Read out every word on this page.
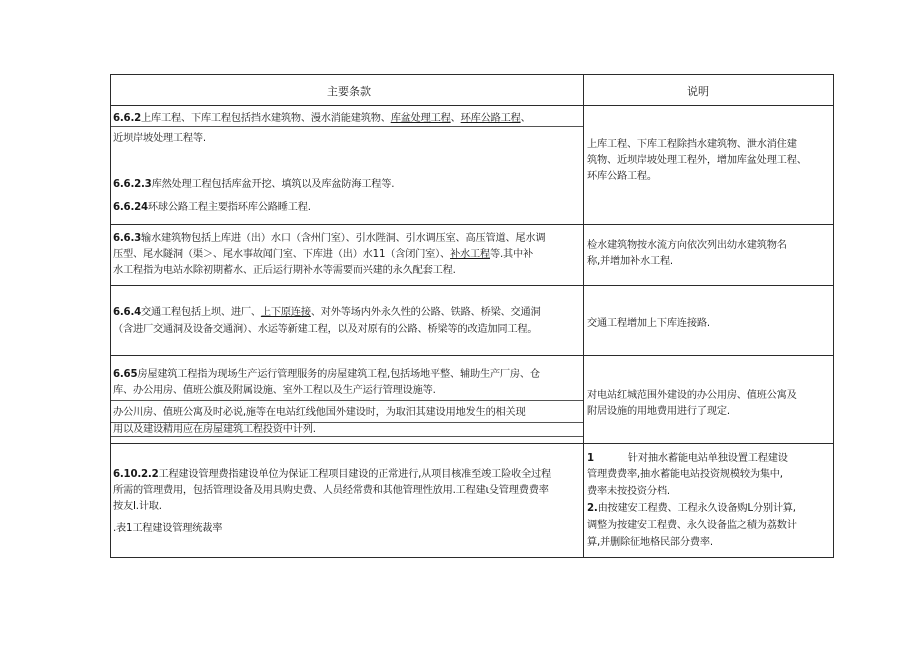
主要条款	说明
6.6.2上库工程、下库工程包括挡水建筑物、漫水消能建筑物、库盆处理工程、环库公路工程、
近坝岸坡处理工程等.
6.6.2.3库然处理工程包括库盆开挖、填筑以及库盆防海工程等.
6.6.24环球公路工程主要指环库公路睡工程.
上库工程、下库工程除挡水建筑物、泄水消住建
筑物、近坝岸坡处理工程外，增加库盆处理工程、
环库公路工程。
6.6.3输水建筑物包括上库进（出）水口（含州门室）、引水陛洞、引水调压室、高压管道、尾水调
压型、尾水隧洞（渠＞、尾水事故闻门室、下库进（出）水11（含闭门室）、补水工程等.其中补
水工程指为电站水除初期蓄水、正后运行期补水等需要而兴建的永久配套工程.
检水建筑物按水流方向依次列出幼水建筑物名
称,并增加补水工程.
6.6.4交通工程包括上坝、进厂、上下原连接、对外等场内外永久性的公路、铁路、桥梁、交通洞
（含进厂交通洞及设备交通涧）、水运等新建工程，以及对原有的公路、桥梁等的改造加同工程。
交通工程增加上下库连接路.
6.65房屋建筑工程指为现场生产运行管理服务的房屋建筑工程,包括场地平整、辅助生产厂房、仓
库、办公用房、值班公旗及附属设施、室外工程以及生产运行管理设施等.
办公川房、值班公寓及时必说,施等在电站红线他国外建设时，为取汨其建设用地发生的相关现
用以及建设精用应在房屋建筑工程投资中计列.
对电站红城范围外建设的办公用房、值班公寓及
附居设施的用地费用进行了现定.
6.10.2.2工程建设管理费指建设单位为保证工程项目建设的正常进行,从项目核准至竣工险收全过程
所需的管理费用，包括管理设备及用具购史费、人员经常费和其他管理性放用.工程建ι殳管理费费率
按友I.计取.
.表1工程建设管理统裁率
1	针对抽水蓄能电站单独设置工程建设
管理费费率,抽水蓄能电站投资规模较为集中,
费率未按投资分档.
2.由按建安工程费、工程永久设备购L分别计算,
调整为按建安工程费、永久设备监之積为荔数计
算,并删除征地格民部分费率.
